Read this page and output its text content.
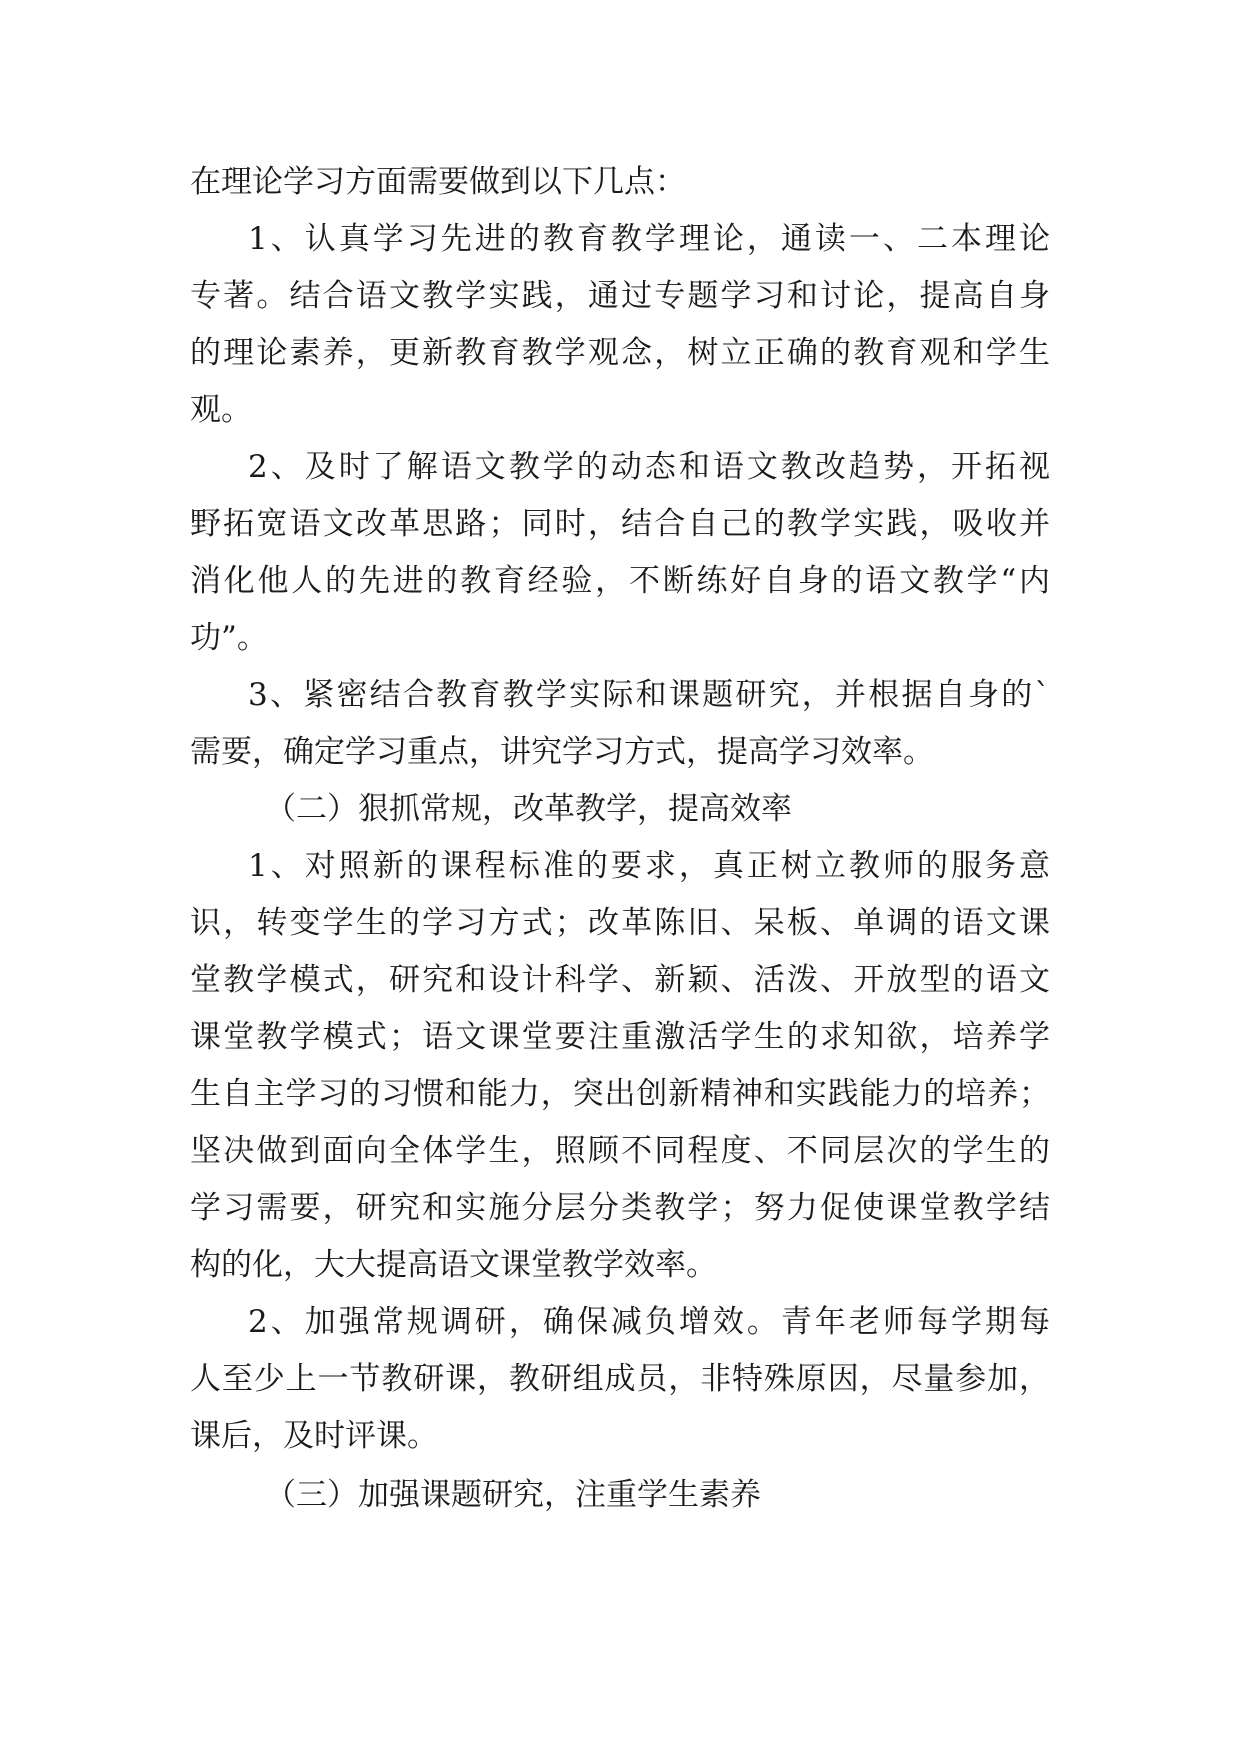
在理论学习方面需要做到以下几点：
1、认真学习先进的教育教学理论，通读一、二本理论
专著。结合语文教学实践，通过专题学习和讨论，提高自身
的理论素养，更新教育教学观念，树立正确的教育观和学生
观。
2、及时了解语文教学的动态和语文教改趋势，开拓视
野拓宽语文改革思路；同时，结合自己的教学实践，吸收并
消化他人的先进的教育经验，不断练好自身的语文教学“内
功”。
3、紧密结合教育教学实际和课题研究，并根据自身的`
需要，确定学习重点，讲究学习方式，提高学习效率。
（二）狠抓常规，改革教学，提高效率
1、对照新的课程标准的要求，真正树立教师的服务意
识，转变学生的学习方式；改革陈旧、呆板、单调的语文课
堂教学模式，研究和设计科学、新颖、活泼、开放型的语文
课堂教学模式；语文课堂要注重激活学生的求知欲，培养学
生自主学习的习惯和能力，突出创新精神和实践能力的培养；
坚决做到面向全体学生，照顾不同程度、不同层次的学生的
学习需要，研究和实施分层分类教学；努力促使课堂教学结
构的化，大大提高语文课堂教学效率。
2、加强常规调研，确保减负增效。青年老师每学期每
人至少上一节教研课，教研组成员，非特殊原因，尽量参加，
课后，及时评课。
（三）加强课题研究，注重学生素养
